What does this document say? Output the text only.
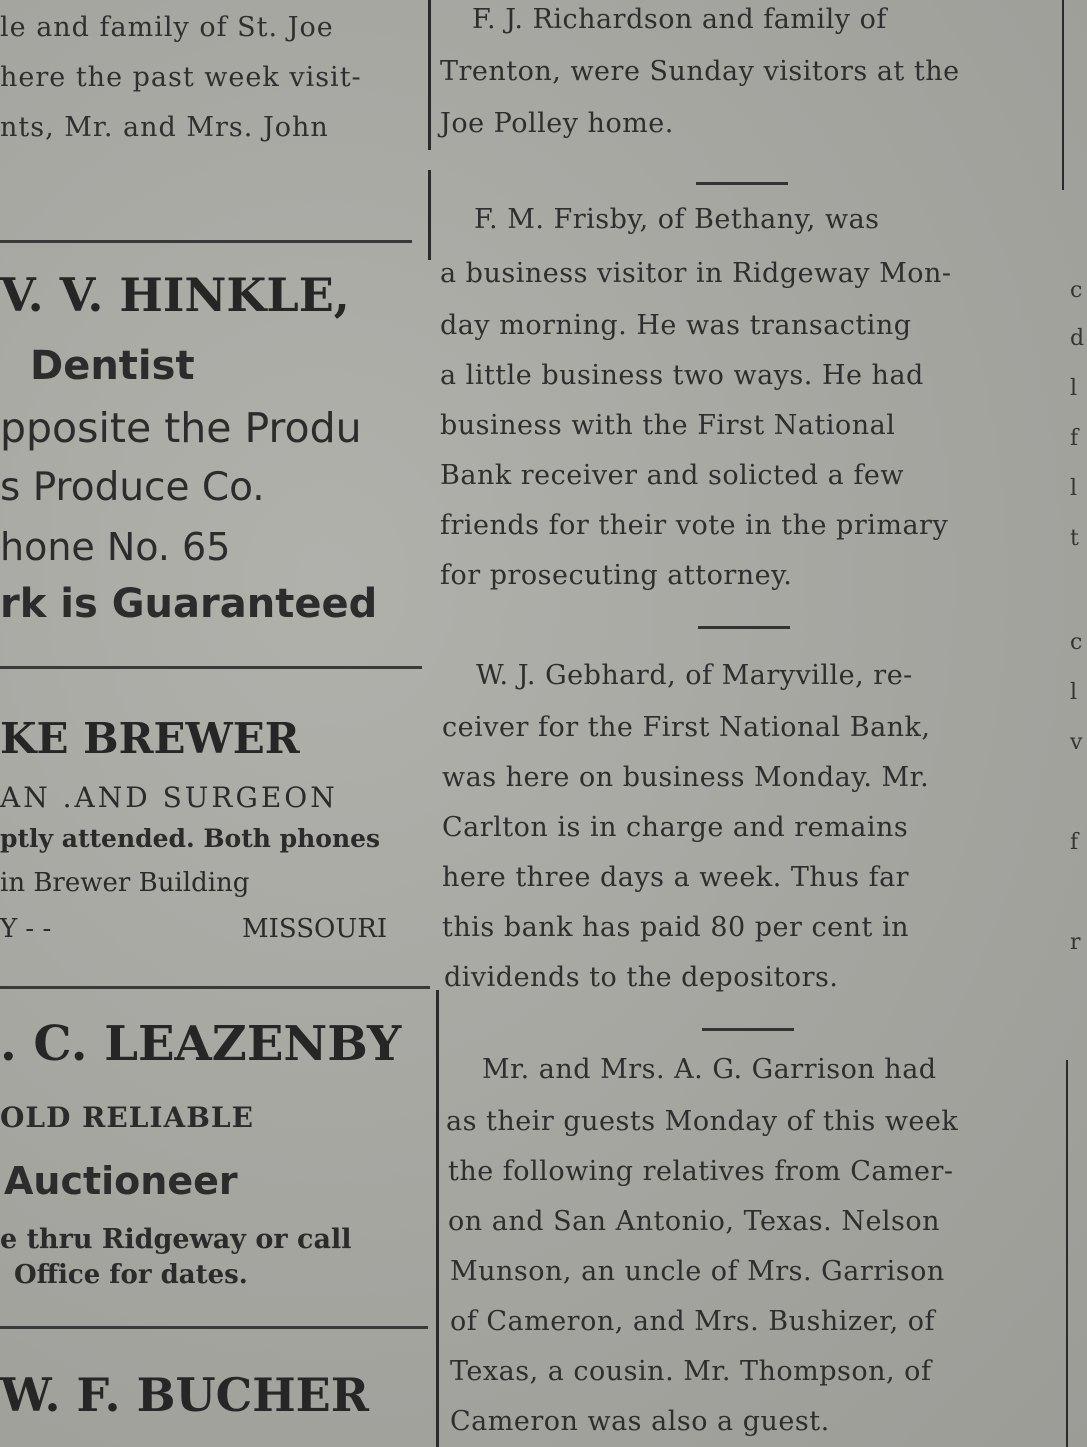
le and family of St. Joe
here the past week visit-
nts, Mr. and Mrs. John
V. V. HINKLE,
Dentist
pposite the Produ
s Produce Co.
hone No. 65
rk is Guaranteed
KE BREWER
AN .AND SURGEON
ptly attended. Both phones
in Brewer Building
Y - -	MISSOURI
. C. LEAZENBY
OLD RELIABLE
Auctioneer
e thru Ridgeway or call
Office for dates.
W. F. BUCHER
F. J. Richardson and family of
Trenton, were Sunday visitors at the
Joe Polley home.
F. M. Frisby, of Bethany, was
a business visitor in Ridgeway Mon-
day morning. He was transacting
a little business two ways. He had
business with the First National
Bank receiver and solicted a few
friends for their vote in the primary
for prosecuting attorney.
W. J. Gebhard, of Maryville, re-
ceiver for the First National Bank,
was here on business Monday. Mr.
Carlton is in charge and remains
here three days a week. Thus far
this bank has paid 80 per cent in
dividends to the depositors.
Mr. and Mrs. A. G. Garrison had
as their guests Monday of this week
the following relatives from Camer-
on and San Antonio, Texas. Nelson
Munson, an uncle of Mrs. Garrison
of Cameron, and Mrs. Bushizer, of
Texas, a cousin. Mr. Thompson, of
Cameron was also a guest.
c
d
l
f
l
t
c
l
v
f
r
